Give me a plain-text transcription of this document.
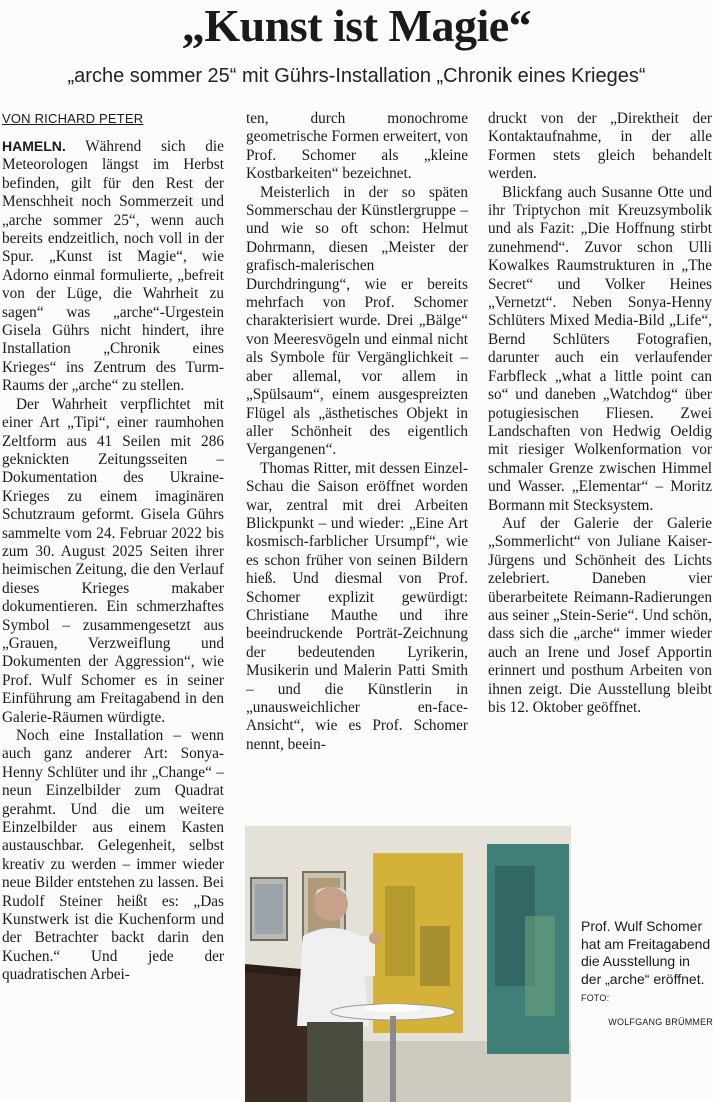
„Kunst ist Magie“
„arche sommer 25“ mit Gührs-Installation „Chronik eines Krieges“
VON RICHARD PETER

HAMELN. Während sich die Meteorologen längst im Herbst befinden, gilt für den Rest der Menschheit noch Sommerzeit und „arche sommer 25“, wenn auch bereits endzeitlich, noch voll in der Spur. „Kunst ist Magie“, wie Adorno einmal formulierte, „befreit von der Lüge, die Wahrheit zu sagen“ was „arche“-Urgestein Gisela Gührs nicht hindert, ihre Installation „Chronik eines Krieges“ ins Zentrum des Turm-Raums der „arche“ zu stellen.

Der Wahrheit verpflichtet mit einer Art „Tipi“, einer raumhohen Zeltform aus 41 Seilen mit 286 geknickten Zeitungsseiten – Dokumentation des Ukraine-Krieges zu einem imaginären Schutzraum geformt. Gisela Gührs sammelte vom 24. Februar 2022 bis zum 30. August 2025 Seiten ihrer heimischen Zeitung, die den Verlauf dieses Krieges makaber dokumentieren. Ein schmerzhaftes Symbol – zusammengesetzt aus „Grauen, Verzweiflung und Dokumenten der Aggression“, wie Prof. Wulf Schomer es in seiner Einführung am Freitagabend in den Galerie-Räumen würdigte.

Noch eine Installation – wenn auch ganz anderer Art: Sonya-Henny Schlüter und ihr „Change“ – neun Einzelbilder zum Quadrat gerahmt. Und die um weitere Einzelbilder aus einem Kasten austauschbar. Gelegenheit, selbst kreativ zu werden – immer wieder neue Bilder entstehen zu lassen. Bei Rudolf Steiner heißt es: „Das Kunstwerk ist die Kuchenform und der Betrachter backt darin den Kuchen.“ Und jede der quadratischen Arbei-

ten, durch monochrome geometrische Formen erweitert, von Prof. Schomer als „kleine Kostbarkeiten“ bezeichnet.

Meisterlich in der so späten Sommerschau der Künstlergruppe – und wie so oft schon: Helmut Dohrmann, diesen „Meister der grafisch-malerischen Durchdringung“, wie er bereits mehrfach von Prof. Schomer charakterisiert wurde. Drei „Bälge“ von Meeresvögeln und einmal nicht als Symbole für Vergänglichkeit – aber allemal, vor allem in „Spülsaum“, einem ausgespreizten Flügel als „ästhetisches Objekt in aller Schönheit des eigentlich Vergangenen“.

Thomas Ritter, mit dessen Einzel-Schau die Saison eröffnet worden war, zentral mit drei Arbeiten Blickpunkt – und wieder: „Eine Art kosmisch-farblicher Ursumpf“, wie es schon früher von seinen Bildern hieß. Und diesmal von Prof. Schomer explizit gewürdigt: Christiane Mauthe und ihre beeindruckende Porträt-Zeichnung der bedeutenden Lyrikerin, Musikerin und Malerin Patti Smith – und die Künstlerin in „unausweichlicher en-face-Ansicht“, wie es Prof. Schomer nennt, beein-

druckt von der „Direktheit der Kontaktaufnahme, in der alle Formen stets gleich behandelt werden.

Blickfang auch Susanne Otte und ihr Triptychon mit Kreuzsymbolik und als Fazit: „Die Hoffnung stirbt zunehmend“. Zuvor schon Ulli Kowalkes Raumstrukturen in „The Secret“ und Volker Heines „Vernetzt“. Neben Sonya-Henny Schlüters Mixed Media-Bild „Life“, Bernd Schlüters Fotografien, darunter auch ein verlaufender Farbfleck „what a little point can so“ und daneben „Watchdog“ über potugiesischen Fliesen. Zwei Landschaften von Hedwig Oeldig mit riesiger Wolkenformation vor schmaler Grenze zwischen Himmel und Wasser. „Elementar“ – Moritz Bormann mit Stecksystem.

Auf der Galerie der Galerie „Sommerlicht“ von Juliane Kaiser-Jürgens und Schönheit des Lichts zelebriert. Daneben vier überarbeitete Reimann-Radierungen aus seiner „Stein-Serie“. Und schön, dass sich die „arche“ immer wieder auch an Irene und Josef Apportin erinnert und posthum Arbeiten von ihnen zeigt. Die Ausstellung bleibt bis 12. Oktober geöffnet.

Prof. Wulf Schomer hat am Freitagabend die Ausstellung in der „arche“ eröffnet. FOTO:
WOLFGANG BRÜMMER
